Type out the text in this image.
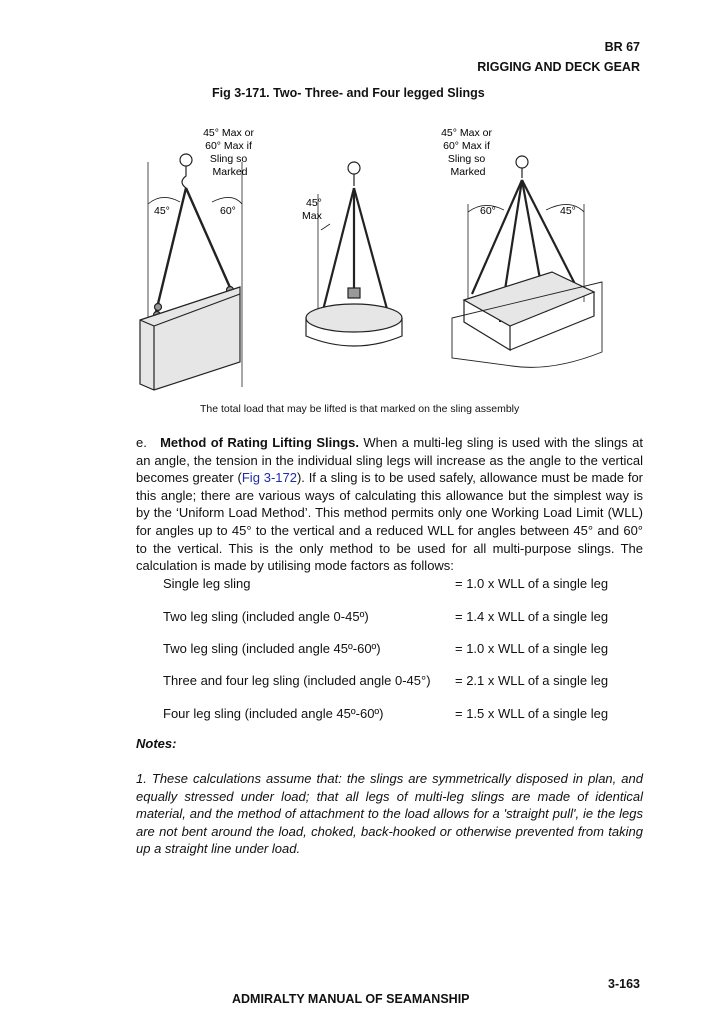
BR 67
RIGGING AND DECK GEAR
Fig 3-171. Two- Three- and Four legged Slings
45° Max or 60° Max if Sling so Marked
45° Max or 60° Max if Sling so Marked
45°	60°
45° Max	60°	45°
The total load that may be lifted is that marked on the sling assembly
e. Method of Rating Lifting Slings. When a multi-leg sling is used with the slings at an angle, the tension in the individual sling legs will increase as the angle to the vertical becomes greater (Fig 3-172). If a sling is to be used safely, allowance must be made for this angle; there are various ways of calculating this allowance but the simplest way is by the ‘Uniform Load Method’. This method permits only one Working Load Limit (WLL) for angles up to 45° to the vertical and a reduced WLL for angles between 45° and 60° to the vertical. This is the only method to be used for all multi-purpose slings. The calculation is made by utilising mode factors as follows:
Single leg sling	= 1.0 x WLL of a single leg
Two leg sling (included angle 0-45º)	= 1.4 x WLL of a single leg
Two leg sling (included angle 45º-60º)	= 1.0 x WLL of a single leg
Three and four leg sling (included angle 0-45°) = 2.1 x WLL of a single leg
Four leg sling (included angle 45º-60º)	= 1.5 x WLL of a single leg
Notes:
1. These calculations assume that: the slings are symmetrically disposed in plan, and equally stressed under load; that all legs of multi-leg slings are made of identical material, and the method of attachment to the load allows for a 'straight pull', ie the legs are not bent around the load, choked, back-hooked or otherwise prevented from taking up a straight line under load.
3-163
ADMIRALTY MANUAL OF SEAMANSHIP
